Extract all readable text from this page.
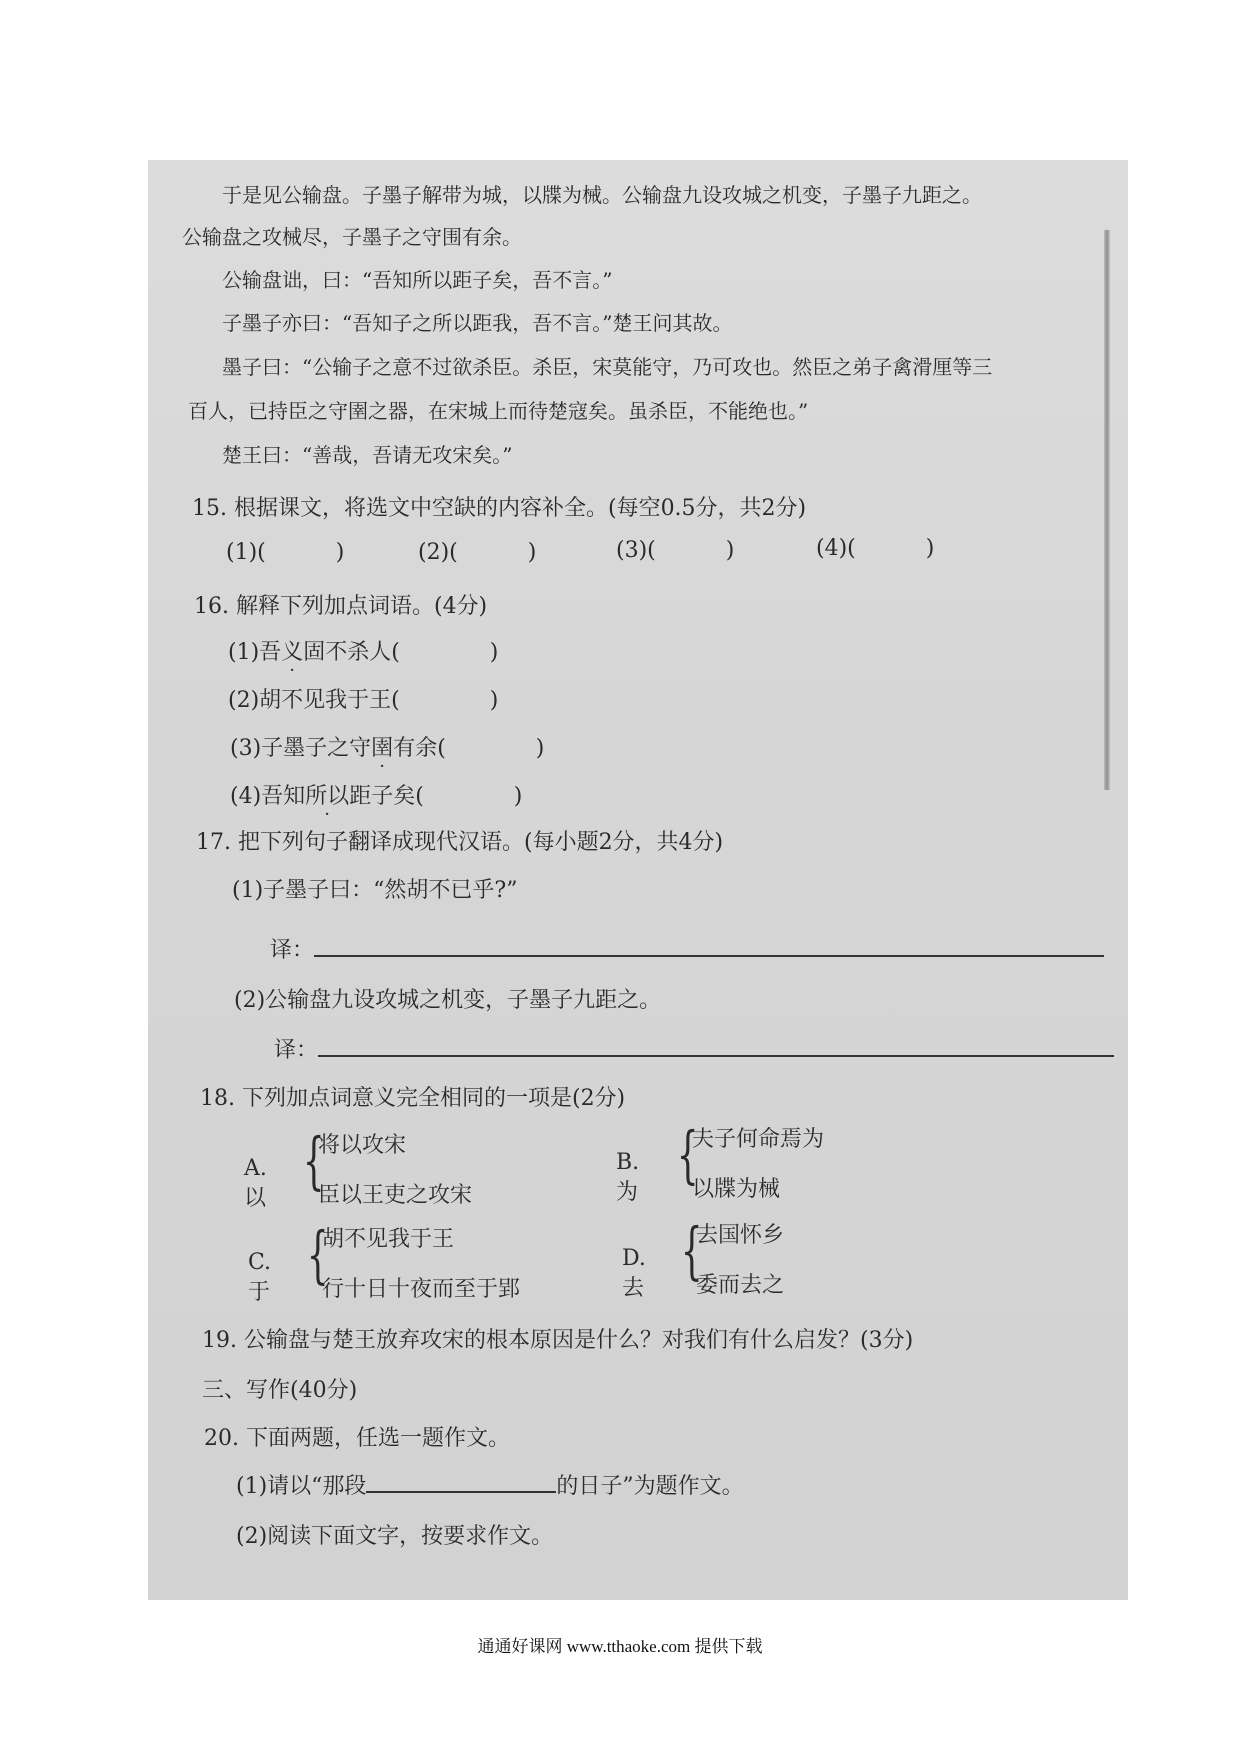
于是见公输盘。子墨子解带为城，以牒为械。公输盘九设攻城之机变，子墨子九距之。
公输盘之攻械尽，子墨子之守围有余。
公输盘诎，曰：“吾知所以距子矣，吾不言。”
子墨子亦曰：“吾知子之所以距我，吾不言。”楚王问其故。
墨子曰：“公输子之意不过欲杀臣。杀臣，宋莫能守，乃可攻也。然臣之弟子禽滑厘等三
百人，已持臣之守圉之器，在宋城上而待楚寇矣。虽杀臣，不能绝也。”
楚王曰：“善哉，吾请无攻宋矣。”
15. 根据课文，将选文中空缺的内容补全。(每空0.5分，共2分)
(1)(	)	(2)(	)	(3)(	)	(4)(	)
16. 解释下列加点词语。(4分)
(1)吾义固不杀人(	)
(2)胡不见我于王(	)
(3)子墨子之守圉有余(	)
(4)吾知所以距子矣(	)
17. 把下列句子翻译成现代汉语。(每小题2分，共4分)
(1)子墨子曰：“然胡不已乎?”
译：
(2)公输盘九设攻城之机变，子墨子九距之。
译：
18. 下列加点词意义完全相同的一项是(2分)
A. 以
{
将以攻宋
臣以王吏之攻宋
B. 为
{
夫子何命焉为
以牒为械
C. 于
{
胡不见我于王
行十日十夜而至于郢
D. 去
{
去国怀乡
委而去之
19. 公输盘与楚王放弃攻宋的根本原因是什么？对我们有什么启发？(3分)
三、写作(40分)
20. 下面两题，任选一题作文。
(1)请以“那段	的日子”为题作文。
(2)阅读下面文字，按要求作文。
通通好课网 www.tthaoke.com 提供下载
